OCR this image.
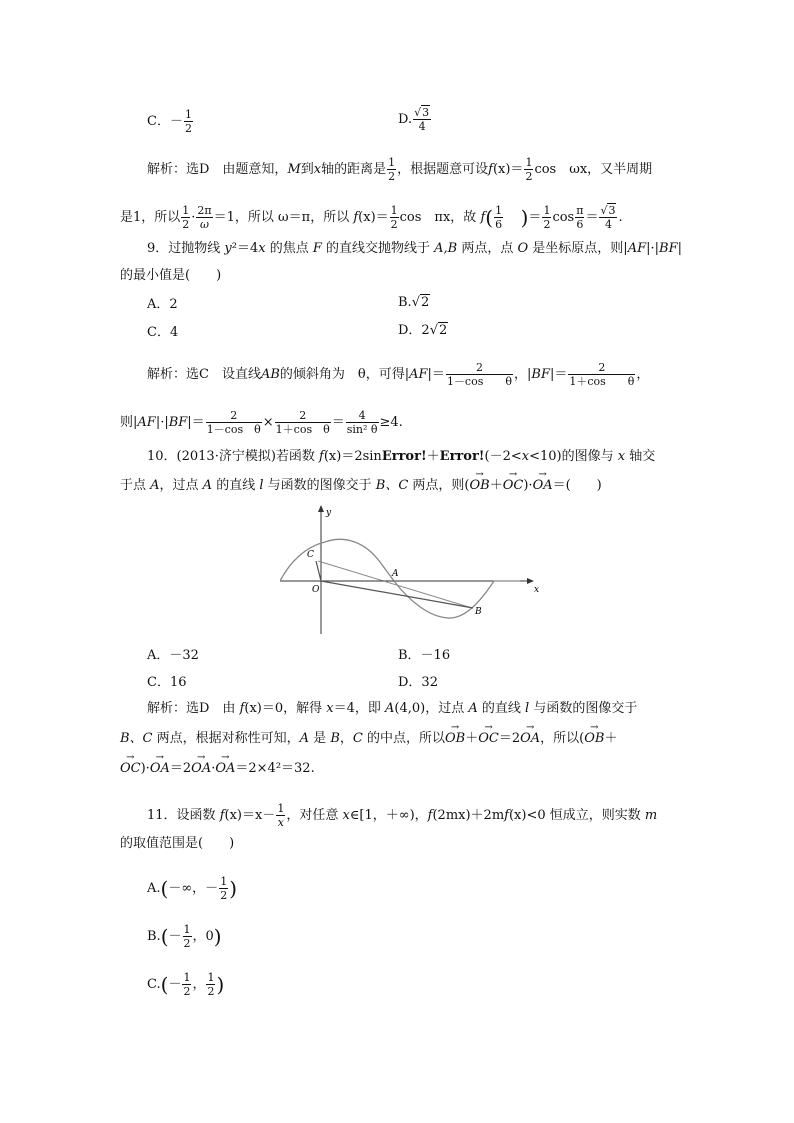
C．－ $\frac{1}{2}$	D. $\frac{√3}{4}$
解析：选D　由题意知，M到x轴的距离是 $\frac{1}{2}$ ，根据题意可设$f(x)= \frac{1}{2}$ cos　ωx，又半周期
是1，所以 $\frac{1}{2} \cdot \frac{2\pi}{\omega} =1$，所以 ω＝π，所以 $f(x)= \frac{1}{2}$ cos　πx，故 $f( \frac{1}{6}$ )＝ $\frac{1}{2}$ $\cos \frac{\pi}{6} = \frac{√3}{4}$ .
9．过抛物线 y²＝4x 的焦点 F 的直线交抛物线于 A,B 两点，点 O 是坐标原点，则|AF|·|BF|
的最小值是(　　)
A．2	B.√2
C．4	D．2√2
解析：选C　设直线AB的倾斜角为　θ，可得$|AF|= \frac{2}{\text{1－cos　　θ}}$ ，$|BF|= \frac{2}{\text{1＋cos　　θ}}$ ，
则$|AF|\cdot|BF|= \frac{2}{\text{1－cos　θ}} \times \frac{2}{\text{1＋cos　θ}} = \frac{4}{\text{sin² θ}} \ge 4$.
10．(2013·济宁模拟)若函数 f(x)＝2sinError!＋Error!(－2<x<10)的图像与 x 轴交
于点 A，过点 A 的直线 l 与函数的图像交于 B、C 两点，则(→ OB＋→ OC)·→ OA＝(　　)
y
x
O
A
B
C
A．－32	B．－16
C．16	D．32
解析：选D　由 f(x)＝0，解得 x＝4，即 A(4,0)，过点 A 的直线 l 与函数的图像交于
B、C 两点，根据对称性可知，A 是 B，C 的中点，所以→ OB＋→ OC＝2→ OA，所以(→ OB＋
→ OC)·→ OA＝2→ OA·→ OA＝2×4²＝32.
11．设函数 $f(x)=x- \frac{1}{x}$ ，对任意 x∈[1，＋∞)，f(2mx)＋2mf(x)<0 恒成立，则实数 m
的取值范围是(　　)
A.(－∞，－ $\frac{1}{2}$ )
$B.(- \frac{1}{2}$ ，0)
$C.(- \frac{1}{2}$ ， $\frac{1}{2}$ )
